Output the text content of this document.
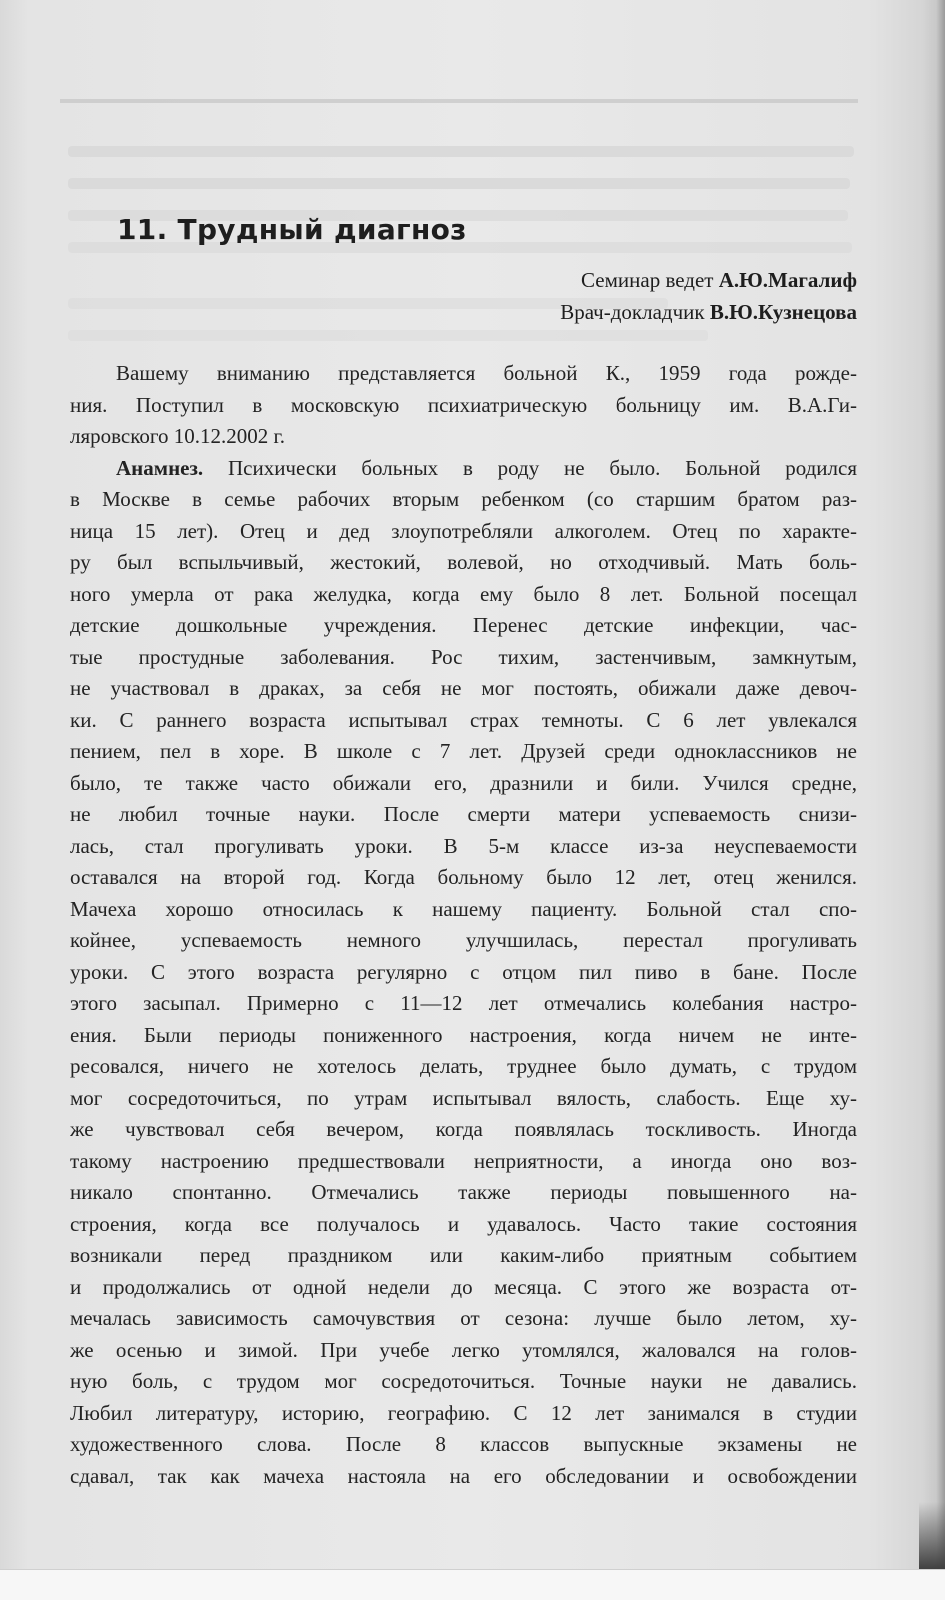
11. Трудный диагноз
Семинар ведет А.Ю.Магалиф
Врач-докладчик В.Ю.Кузнецова
Вашему вниманию представляется больной К., 1959 года рожде-
ния. Поступил в московскую психиатрическую больницу им. В.А.Ги-
ляровского 10.12.2002 г.
Анамнез. Психически больных в роду не было. Больной родился
в Москве в семье рабочих вторым ребенком (со старшим братом раз-
ница 15 лет). Отец и дед злоупотребляли алкоголем. Отец по характе-
ру был вспыльчивый, жестокий, волевой, но отходчивый. Мать боль-
ного умерла от рака желудка, когда ему было 8 лет. Больной посещал
детские дошкольные учреждения. Перенес детские инфекции, час-
тые простудные заболевания. Рос тихим, застенчивым, замкнутым,
не участвовал в драках, за себя не мог постоять, обижали даже девоч-
ки. С раннего возраста испытывал страх темноты. С 6 лет увлекался
пением, пел в хоре. В школе с 7 лет. Друзей среди одноклассников не
было, те также часто обижали его, дразнили и били. Учился средне,
не любил точные науки. После смерти матери успеваемость снизи-
лась, стал прогуливать уроки. В 5-м классе из-за неуспеваемости
оставался на второй год. Когда больному было 12 лет, отец женился.
Мачеха хорошо относилась к нашему пациенту. Больной стал спо-
койнее, успеваемость немного улучшилась, перестал прогуливать
уроки. С этого возраста регулярно с отцом пил пиво в бане. После
этого засыпал. Примерно с 11—12 лет отмечались колебания настро-
ения. Были периоды пониженного настроения, когда ничем не инте-
ресовался, ничего не хотелось делать, труднее было думать, с трудом
мог сосредоточиться, по утрам испытывал вялость, слабость. Еще ху-
же чувствовал себя вечером, когда появлялась тоскливость. Иногда
такому настроению предшествовали неприятности, а иногда оно воз-
никало спонтанно. Отмечались также периоды повышенного на-
строения, когда все получалось и удавалось. Часто такие состояния
возникали перед праздником или каким-либо приятным событием
и продолжались от одной недели до месяца. С этого же возраста от-
мечалась зависимость самочувствия от сезона: лучше было летом, ху-
же осенью и зимой. При учебе легко утомлялся, жаловался на голов-
ную боль, с трудом мог сосредоточиться. Точные науки не давались.
Любил литературу, историю, географию. С 12 лет занимался в студии
художественного слова. После 8 классов выпускные экзамены не
сдавал, так как мачеха настояла на его обследовании и освобождении
